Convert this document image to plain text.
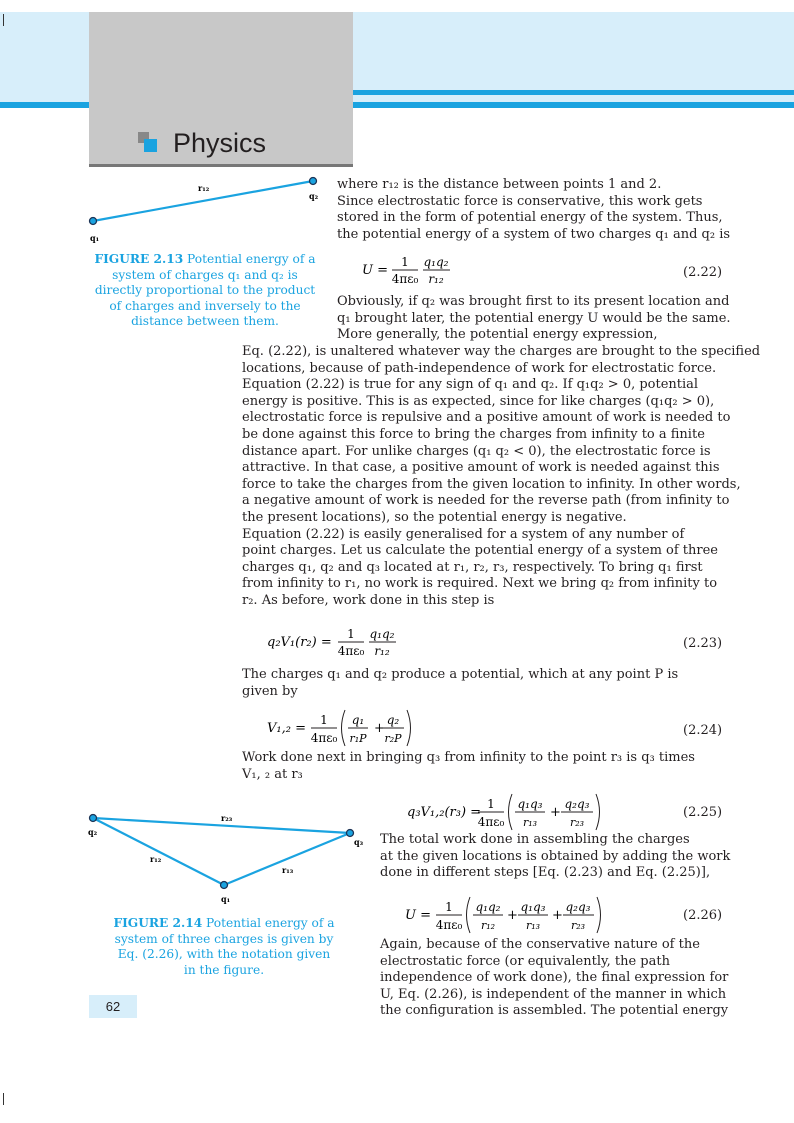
Physics
r₁₂
q₂
q₁
FIGURE 2.13 Potential energy of a
system of charges q₁ and q₂ is
directly proportional to the product
of charges and inversely to the
distance between them.
where r₁₂ is the distance between points 1 and 2.
Since electrostatic force is conservative, this work gets
stored in the form of potential energy of the system. Thus,
the potential energy of a system of two charges q₁ and q₂ is
U =
1
4πε₀
q₁q₂
r₁₂	(2.22)
Obviously, if q₂ was brought first to its present location and
q₁ brought later, the potential energy U would be the same.
More generally, the potential energy expression,
Eq. (2.22), is unaltered whatever way the charges are brought to the specified
locations, because of path-independence of work for electrostatic force.
Equation (2.22) is true for any sign of q₁ and q₂. If q₁q₂ > 0, potential
energy is positive. This is as expected, since for like charges (q₁q₂ > 0),
electrostatic force is repulsive and a positive amount of work is needed to
be done against this force to bring the charges from infinity to a finite
distance apart. For unlike charges (q₁ q₂ < 0), the electrostatic force is
attractive. In that case, a positive amount of work is needed against this
force to take the charges from the given location to infinity. In other words,
a negative amount of work is needed for the reverse path (from infinity to
the present locations), so the potential energy is negative.
Equation (2.22) is easily generalised for a system of any number of
point charges. Let us calculate the potential energy of a system of three
charges q₁, q₂ and q₃ located at r₁, r₂, r₃, respectively. To bring q₁ first
from infinity to r₁, no work is required. Next we bring q₂ from infinity to
r₂. As before, work done in this step is
q₂V₁(r₂) =
1
4πε₀
q₁q₂
r₁₂	(2.23)
The charges q₁ and q₂ produce a potential, which at any point P is
given by
V₁,₂ =
1
4πε₀
q₁
r₁P
+
q₂
r₂P
(2.24)
Work done next in bringing q₃ from infinity to the point r₃ is q₃ times
V₁, ₂ at r₃
r₂₃
r₁₂
r₁₃
q₂
q₃
q₁
FIGURE 2.14 Potential energy of a
system of three charges is given by
Eq. (2.26), with the notation given
in the figure.
q₃V₁,₂(r₃) =
1
4πε₀
q₁q₃
r₁₃
+
q₂q₃
r₂₃
(2.25)
The total work done in assembling the charges
at the given locations is obtained by adding the work
done in different steps [Eq. (2.23) and Eq. (2.25)],
U =
1
4πε₀
q₁q₂
r₁₂
+
q₁q₃
r₁₃
+
q₂q₃
r₂₃
(2.26)
Again, because of the conservative nature of the
electrostatic force (or equivalently, the path
independence of work done), the final expression for
U, Eq. (2.26), is independent of the manner in which
the configuration is assembled. The potential energy
62
